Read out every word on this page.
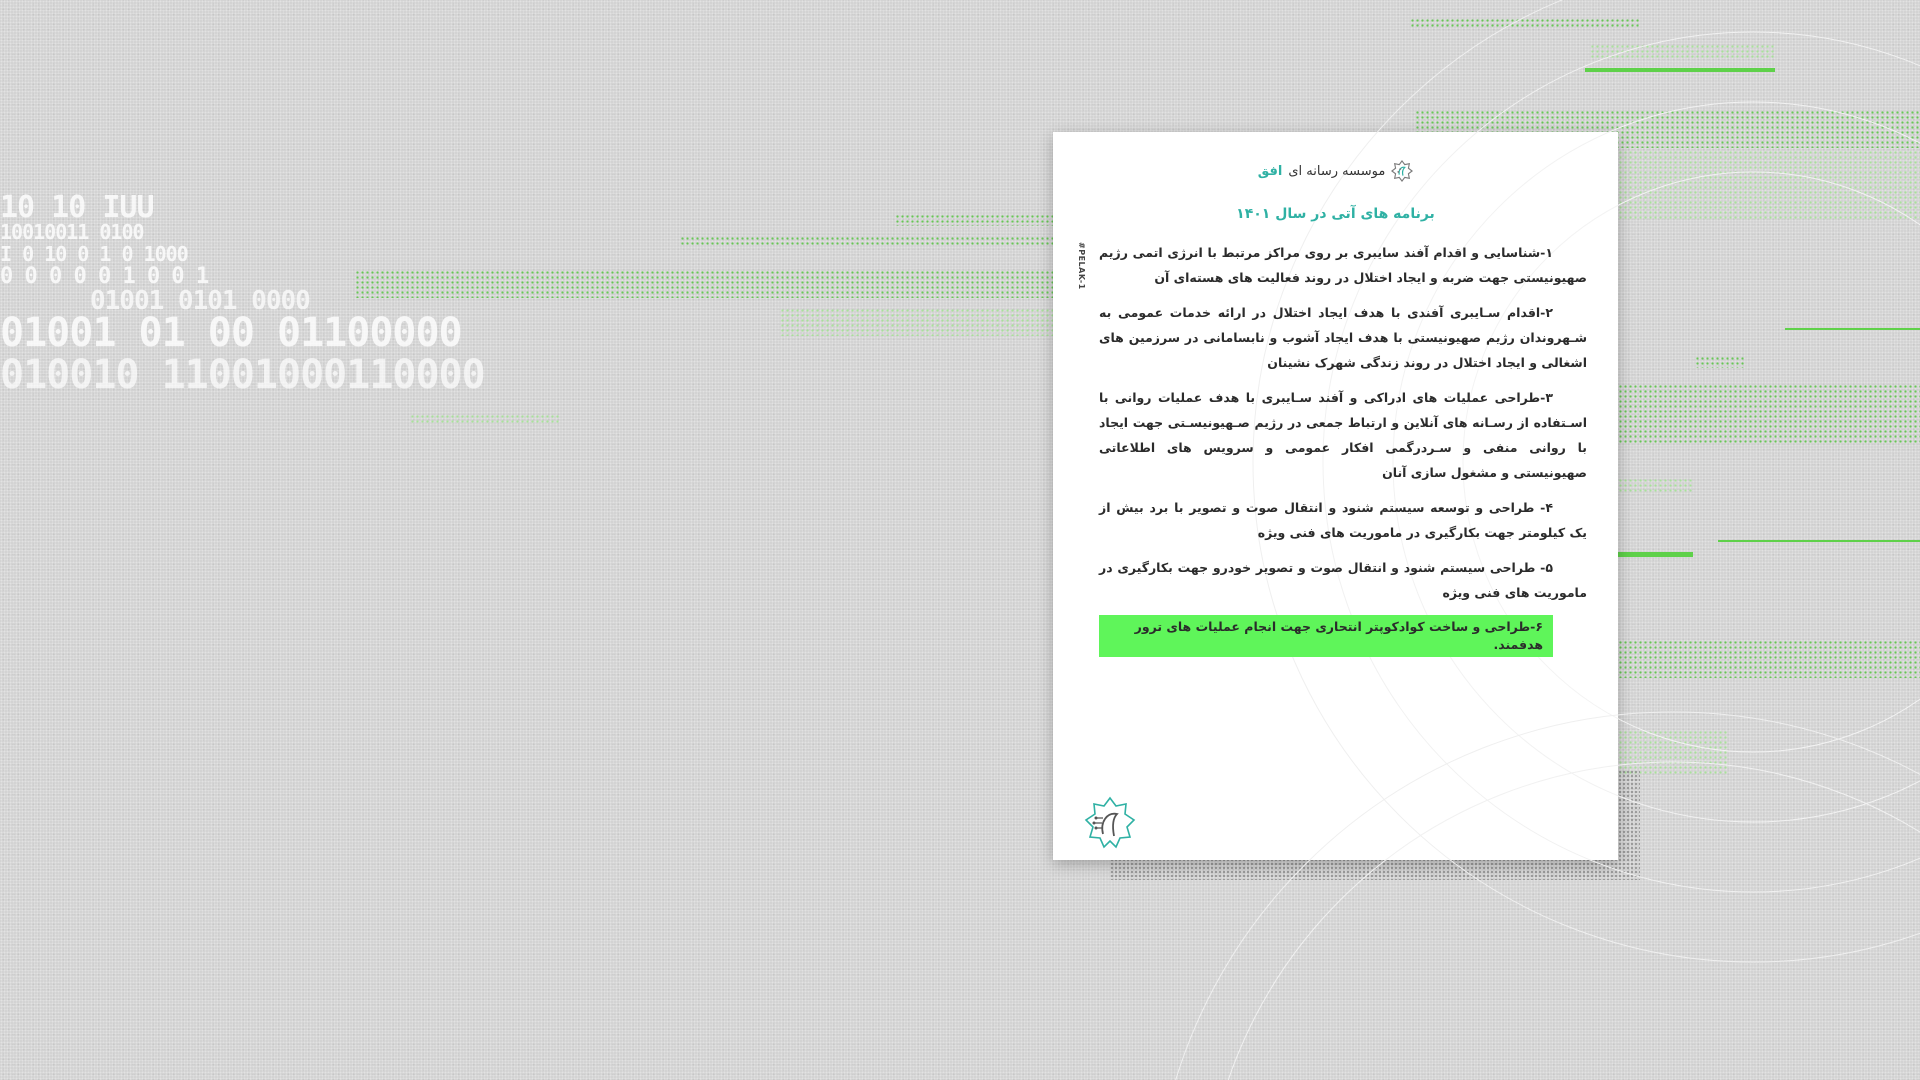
10 10 IUU
10010011 0100
I 0 10 0 1 0 1000
0 0 0 0 0 1 0 0 1
01001 0101 0000
01001 01 00 01100000
010010 11001000110000
موسسه رسانه ای
افق
برنامه های آتی در سال ۱۴۰۱
#PELAK-1 ۱-شناسایی و اقدام آفند سایبری بر روی مراکز مرتبط با انرژی اتمی رژیم صهیونیستی جهت ضربه و ایجاد اختلال در روند فعالیت های هسته‌ای آن

۲-اقدام سـایبری آفندی با هدف ایجاد اختلال در ارائه خدمات عمومی به شـهروندان رژیم صهیونیستی با هدف ایجاد آشوب و نابسامانی در سرزمین های اشغالی و ایجاد اختلال در روند زندگی شهرک نشینان

۳-طراحی عملیات های ادراکی و آفند سـایبری با هدف عملیات روانی با اسـتفاده از رسـانه های آنلاین و ارتباط جمعی در رژیم صـهیونیسـتی جهت ایجاد با روانی منفی و سـردرگمی افکار عمومی و سرویس های اطلاعاتی صهیونیستی و مشغول سازی آنان

۴- طراحی و توسعه سیستم شنود و انتقال صوت و تصویر با برد بیش از یک کیلومتر جهت بکارگیری در ماموریت های فنی ویژه

۵- طراحی سیستم شنود و انتقال صوت و تصویر خودرو جهت بکارگیری در ماموریت های فنی ویژه

۶-طراحی و ساخت کوادکوپتر انتحاری جهت انجام عملیات های ترور هدفمند.
